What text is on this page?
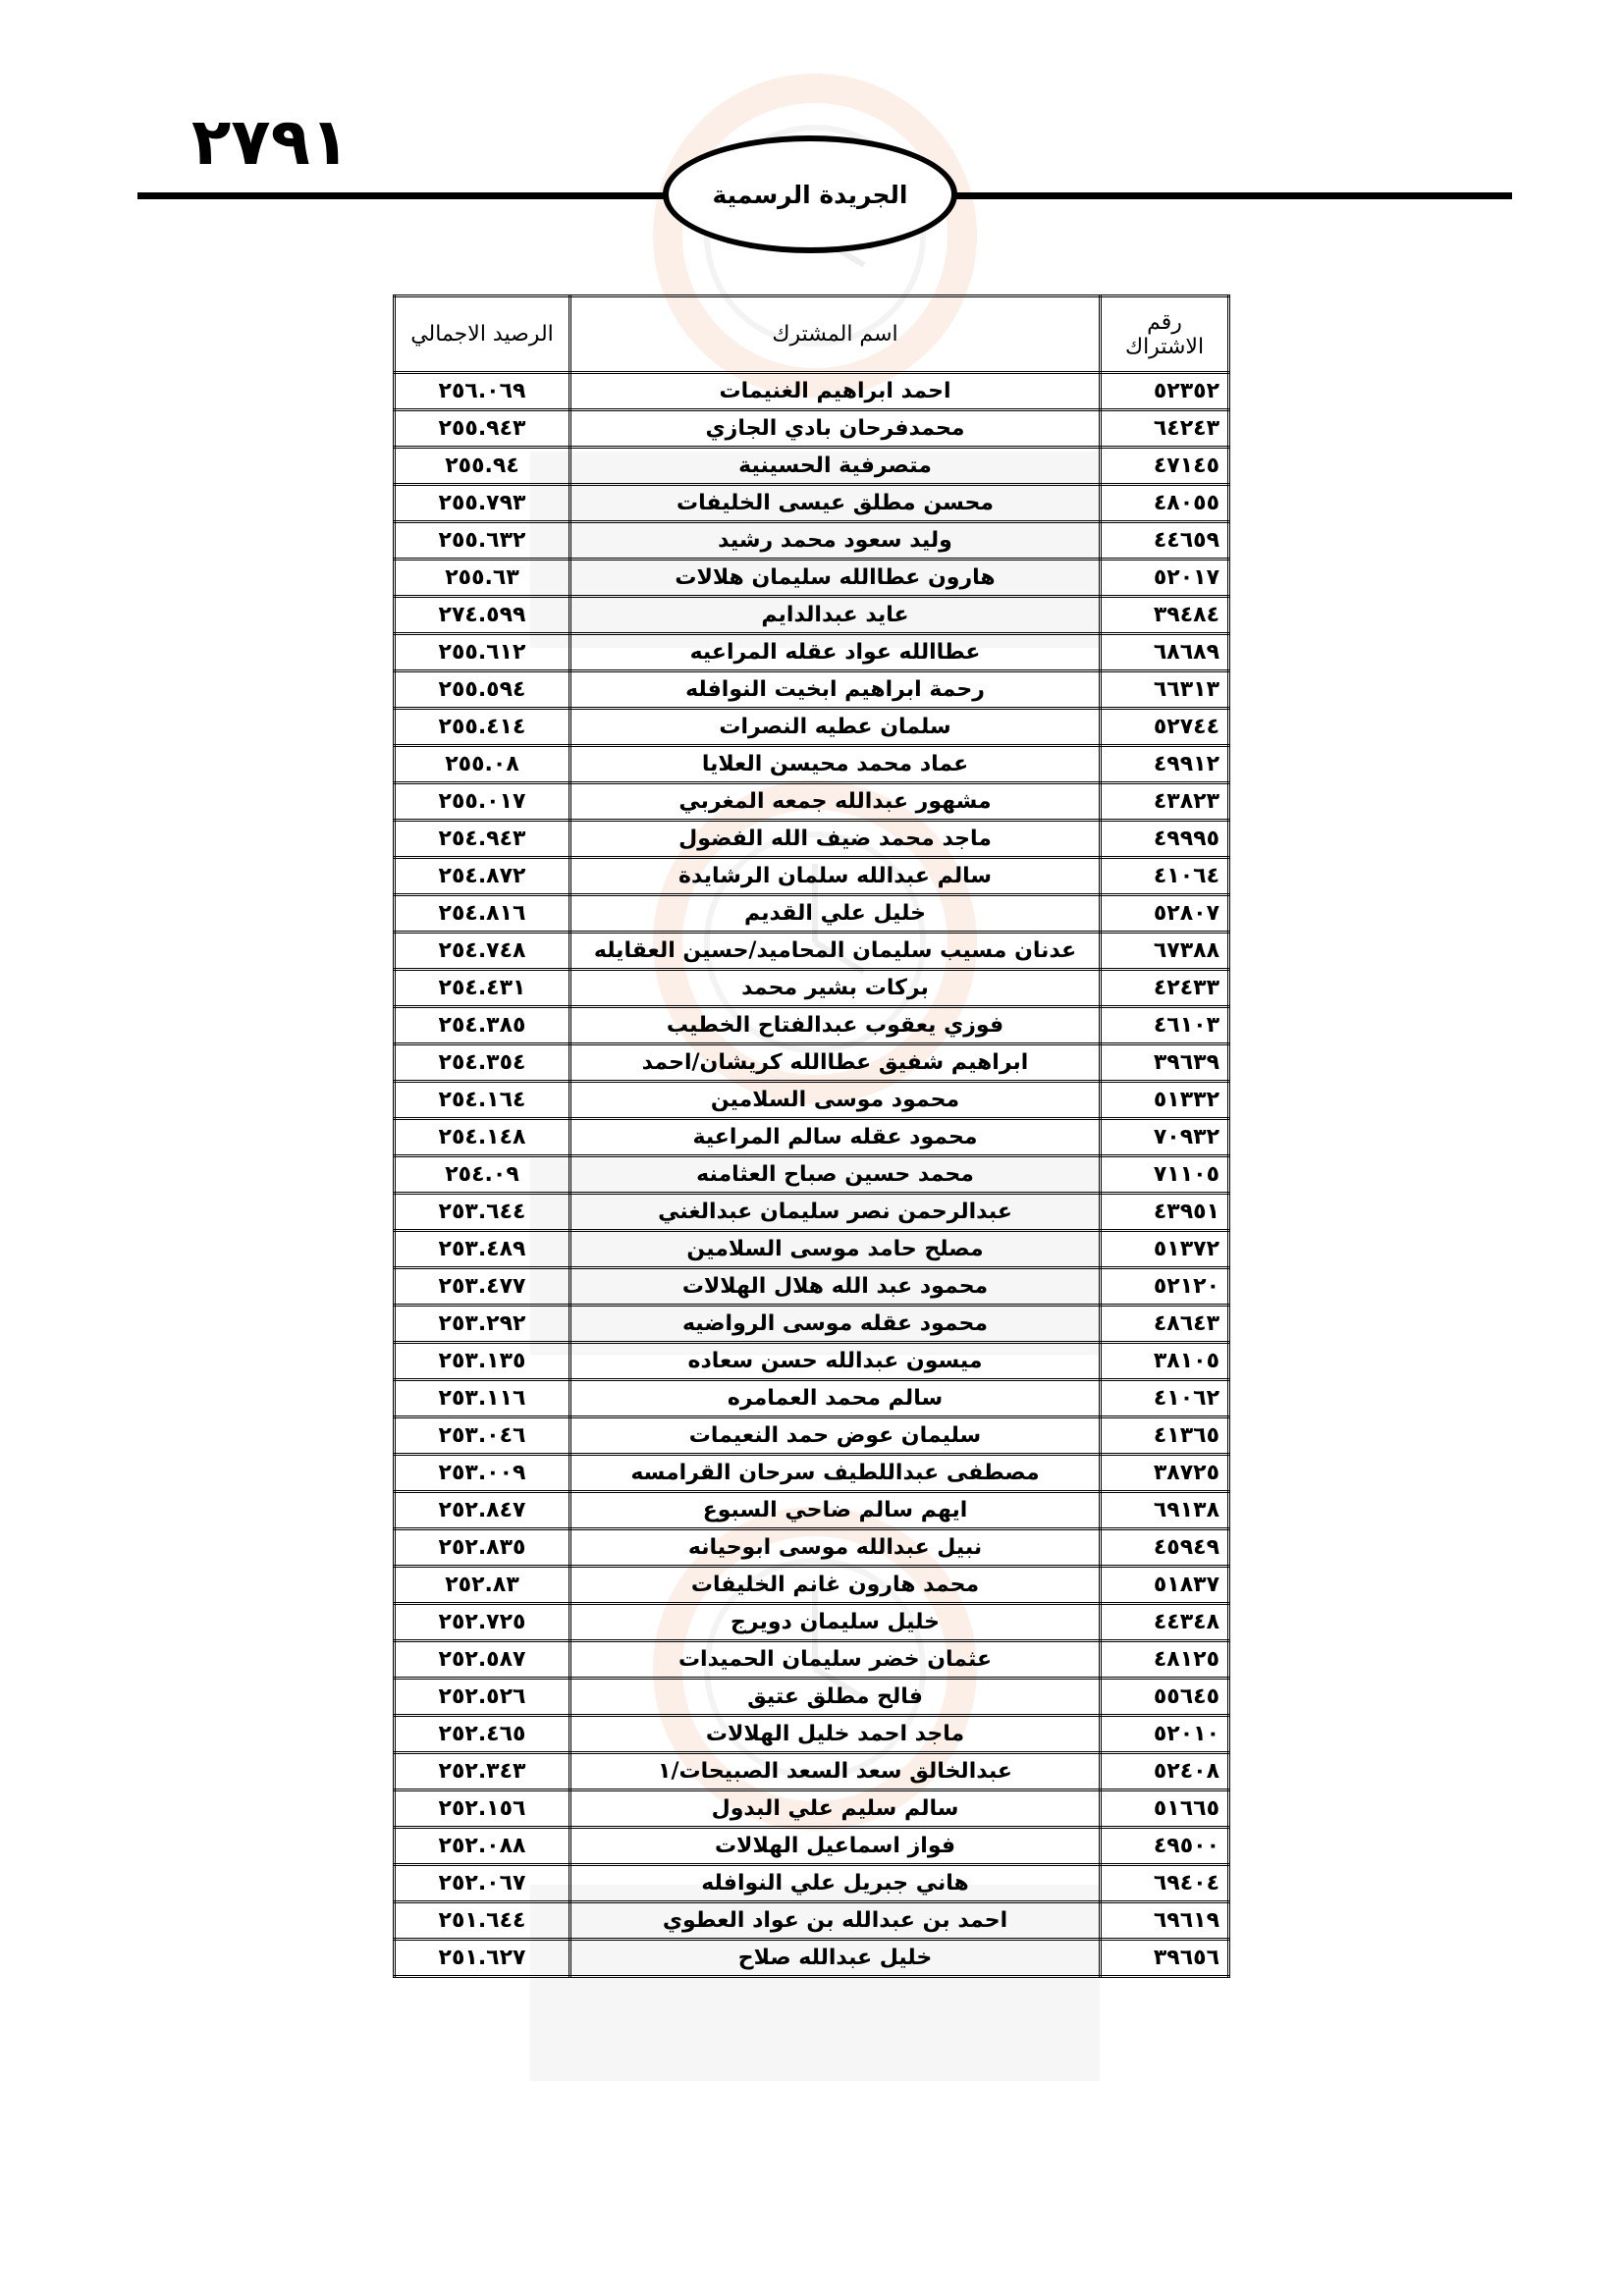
٢٧٩١
الجريدة الرسمية
رقم الاشتراك	اسم المشترك	الرصيد الاجمالي
٥٢٣٥٢	احمد ابراهيم الغنيمات	٢٥٦.٠٦٩
٦٤٢٤٣	محمدفرحان بادي الجازي	٢٥٥.٩٤٣
٤٧١٤٥	متصرفية الحسينية	٢٥٥.٩٤
٤٨٠٥٥	محسن مطلق عيسى الخليفات	٢٥٥.٧٩٣
٤٤٦٥٩	وليد سعود محمد رشيد	٢٥٥.٦٣٢
٥٢٠١٧	هارون عطاالله سليمان هلالات	٢٥٥.٦٣
٣٩٤٨٤	عايد عبدالدايم	٢٧٤.٥٩٩
٦٨٦٨٩	عطاالله عواد عقله المراعيه	٢٥٥.٦١٢
٦٦٣١٣	رحمة ابراهيم ابخيت النوافله	٢٥٥.٥٩٤
٥٢٧٤٤	سلمان عطيه النصرات	٢٥٥.٤١٤
٤٩٩١٢	عماد محمد محيسن العلايا	٢٥٥.٠٨
٤٣٨٢٣	مشهور عبدالله جمعه المغربي	٢٥٥.٠١٧
٤٩٩٩٥	ماجد محمد ضيف الله الفضول	٢٥٤.٩٤٣
٤١٠٦٤	سالم عبدالله سلمان الرشايدة	٢٥٤.٨٧٢
٥٢٨٠٧	خليل علي القديم	٢٥٤.٨١٦
٦٧٣٨٨	عدنان مسيب سليمان المحاميد/حسين العقايله	٢٥٤.٧٤٨
٤٢٤٣٣	بركات بشير محمد	٢٥٤.٤٣١
٤٦١٠٣	فوزي يعقوب عبدالفتاح الخطيب	٢٥٤.٣٨٥
٣٩٦٣٩	ابراهيم شفيق عطاالله كريشان/احمد	٢٥٤.٣٥٤
٥١٣٣٢	محمود موسى السلامين	٢٥٤.١٦٤
٧٠٩٣٢	محمود عقله سالم المراعية	٢٥٤.١٤٨
٧١١٠٥	محمد حسين صباح العثامنه	٢٥٤.٠٩
٤٣٩٥١	عبدالرحمن نصر سليمان عبدالغني	٢٥٣.٦٤٤
٥١٣٧٢	مصلح حامد موسى السلامين	٢٥٣.٤٨٩
٥٢١٢٠	محمود عبد الله هلال الهلالات	٢٥٣.٤٧٧
٤٨٦٤٣	محمود عقله موسى الرواضيه	٢٥٣.٢٩٢
٣٨١٠٥	ميسون عبدالله حسن سعاده	٢٥٣.١٣٥
٤١٠٦٢	سالم محمد العمامره	٢٥٣.١١٦
٤١٣٦٥	سليمان عوض حمد النعيمات	٢٥٣.٠٤٦
٣٨٧٢٥	مصطفى عبداللطيف سرحان القرامسه	٢٥٣.٠٠٩
٦٩١٣٨	ايهم سالم ضاحي السبوع	٢٥٢.٨٤٧
٤٥٩٤٩	نبيل عبدالله موسى ابوحيانه	٢٥٢.٨٣٥
٥١٨٣٧	محمد هارون غانم الخليفات	٢٥٢.٨٣
٤٤٣٤٨	خليل سليمان دويرج	٢٥٢.٧٢٥
٤٨١٢٥	عثمان خضر سليمان الحميدات	٢٥٢.٥٨٧
٥٥٦٤٥	فالح مطلق عتيق	٢٥٢.٥٢٦
٥٢٠١٠	ماجد احمد خليل الهلالات	٢٥٢.٤٦٥
٥٢٤٠٨	عبدالخالق سعد السعد الصبيحات/١	٢٥٢.٣٤٣
٥١٦٦٥	سالم سليم علي البدول	٢٥٢.١٥٦
٤٩٥٠٠	فواز اسماعيل الهلالات	٢٥٢.٠٨٨
٦٩٤٠٤	هاني جبريل علي النوافله	٢٥٢.٠٦٧
٦٩٦١٩	احمد بن عبدالله بن عواد العطوي	٢٥١.٦٤٤
٣٩٦٥٦	خليل عبدالله صلاح	٢٥١.٦٢٧
